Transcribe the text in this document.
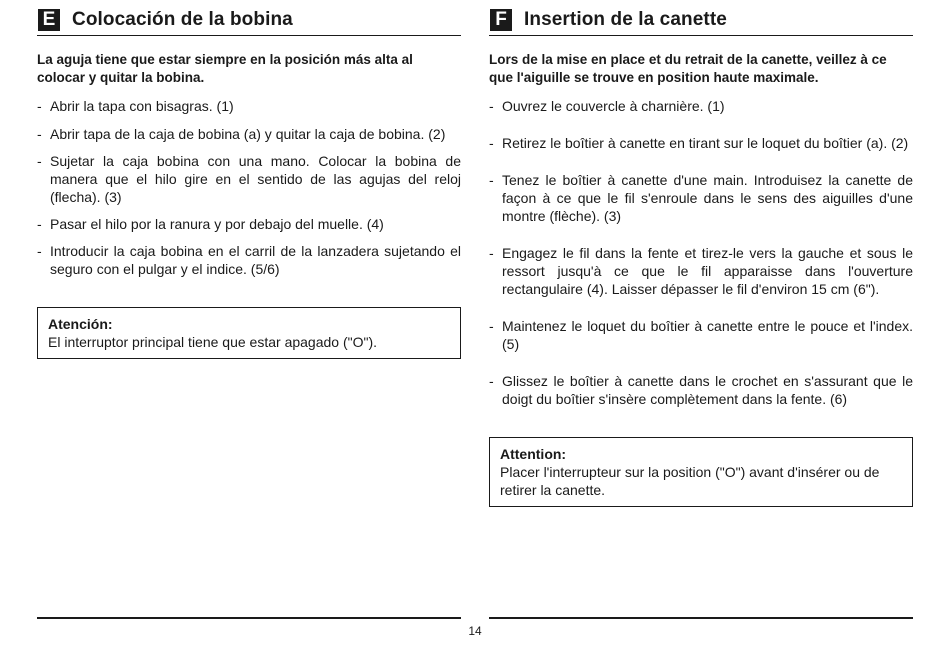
E Colocación de la bobina
La aguja tiene que estar siempre en la posición más alta al colocar y quitar la bobina.
- Abrir la tapa con bisagras. (1)
- Abrir tapa de la caja de bobina (a) y quitar la caja de bobina. (2)
- Sujetar la caja bobina con una mano. Colocar la bobina de manera que el hilo gire en el sentido de las agujas del reloj (flecha). (3)
- Pasar el hilo por la ranura y por debajo del muelle. (4)
- Introducir la caja bobina en el carril de la lanzadera sujetando el seguro con el pulgar y el indice. (5/6)
Atención:
El interruptor principal tiene que estar apagado ("O").
F Insertion de la canette
Lors de la mise en place et du retrait de la canette, veillez à ce que l'aiguille se trouve en position haute maximale.
- Ouvrez le couvercle à charnière. (1)
- Retirez le boîtier à canette en tirant sur le loquet du boîtier (a). (2)
- Tenez le boîtier à canette d'une main. Introduisez la canette de façon à ce que le fil s'enroule dans le sens des aiguilles d'une montre (flèche). (3)
- Engagez le fil dans la fente et tirez-le vers la gauche et sous le ressort jusqu'à ce que le fil apparaisse dans l'ouverture rectangulaire (4). Laisser dépasser le fil d'environ 15 cm (6").
- Maintenez le loquet du boîtier à canette entre le pouce et l'index. (5)
- Glissez le boîtier à canette dans le crochet en s'assurant que le doigt du boîtier s'insère complètement dans la fente. (6)
Attention:
Placer l'interrupteur sur la position ("O") avant d'insérer ou de retirer la canette.
14
